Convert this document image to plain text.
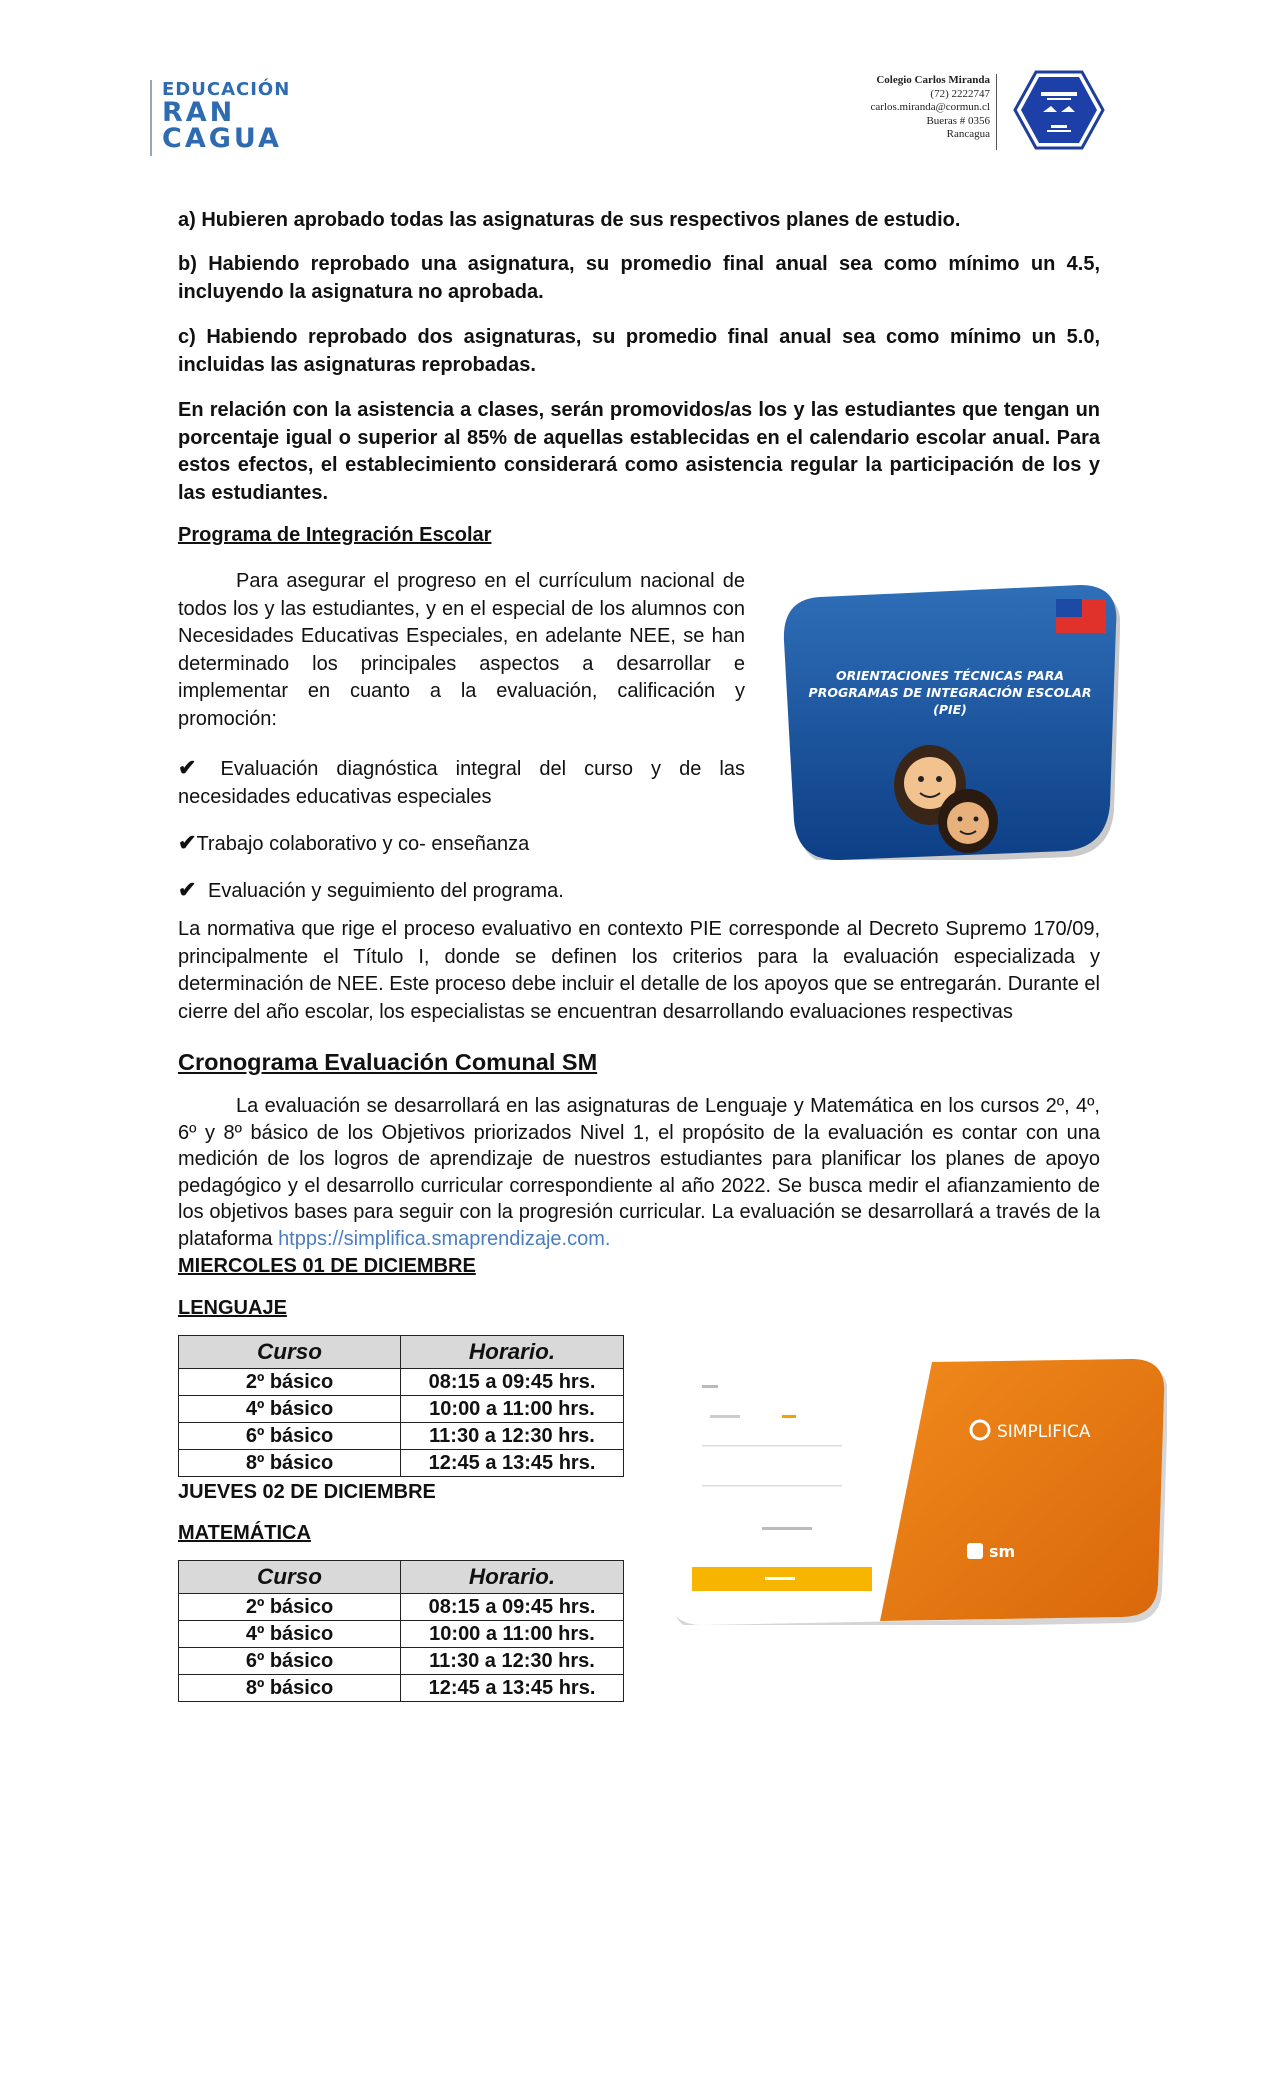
EDUCACIÓN
RAN
CAGUA
Colegio Carlos Miranda
(72) 2222747
carlos.miranda@cormun.cl
Bueras # 0356
Rancagua
a) Hubieren aprobado todas las asignaturas de sus respectivos planes de estudio.
b) Habiendo reprobado una asignatura, su promedio final anual sea como mínimo un 4.5, incluyendo la asignatura no aprobada.
c) Habiendo reprobado dos asignaturas, su promedio final anual sea como mínimo un 5.0, incluidas las asignaturas reprobadas.
En relación con la asistencia a clases, serán promovidos/as los y las estudiantes que tengan un porcentaje igual o superior al 85% de aquellas establecidas en el calendario escolar anual. Para estos efectos, el establecimiento considerará como asistencia regular la participación de los y las estudiantes.
Programa de Integración Escolar
Para asegurar el progreso en el currículum nacional de todos los y las estudiantes, y en el especial de los alumnos con Necesidades Educativas Especiales, en adelante NEE, se han determinado los principales aspectos a desarrollar e implementar en cuanto a la evaluación, calificación y promoción:
✔ Evaluación diagnóstica integral del curso y de las necesidades educativas especiales
✔Trabajo colaborativo y co- enseñanza
✔ Evaluación y seguimiento del programa.
ORIENTACIONES TÉCNICAS PARA
PROGRAMAS DE INTEGRACIÓN ESCOLAR
(PIE)
La normativa que rige el proceso evaluativo en contexto PIE corresponde al Decreto Supremo 170/09, principalmente el Título I, donde se definen los criterios para la evaluación especializada y determinación de NEE. Este proceso debe incluir el detalle de los apoyos que se entregarán. Durante el cierre del año escolar, los especialistas se encuentran desarrollando evaluaciones respectivas
Cronograma Evaluación Comunal SM
La evaluación se desarrollará en las asignaturas de Lenguaje y Matemática en los cursos 2º, 4º, 6º y 8º básico de los Objetivos priorizados Nivel 1, el propósito de la evaluación es contar con una medición de los logros de aprendizaje de nuestros estudiantes para planificar los planes de apoyo pedagógico y el desarrollo curricular correspondiente al año 2022. Se busca medir el afianzamiento de los objetivos bases para seguir con la progresión curricular. La evaluación se desarrollará a través de la plataforma htpps://simplifica.smaprendizaje.com.
MIERCOLES 01 DE DICIEMBRE
LENGUAJE
Curso	Horario.
2º básico	08:15 a 09:45 hrs.
4º básico	10:00 a 11:00 hrs.
6º básico	11:30 a 12:30 hrs.
8º básico	12:45 a 13:45 hrs.
JUEVES 02 DE DICIEMBRE
MATEMÁTICA
Curso	Horario.
2º básico	08:15 a 09:45 hrs.
4º básico	10:00 a 11:00 hrs.
6º básico	11:30 a 12:30 hrs.
8º básico	12:45 a 13:45 hrs.
SIMPLIFICA
sm
